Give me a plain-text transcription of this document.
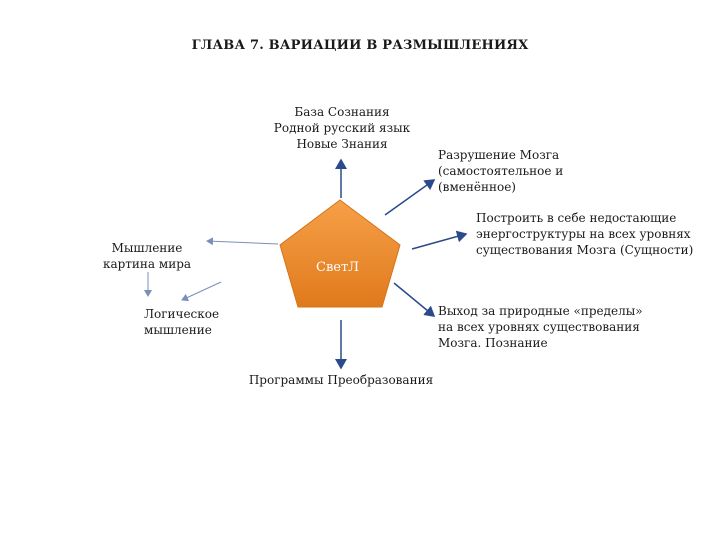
ГЛАВА 7. ВАРИАЦИИ В РАЗМЫШЛЕНИЯХ
СветЛ
База Сознания
Родной русский язык
Новые Знания
Разрушение Мозга
(самостоятельное и
(вменённое)
Построить в себе недостающие
энергоструктуры на всех уровнях
существования Мозга (Сущности)
Выход за природные «пределы»
на всех уровнях существования
Мозга. Познание
Программы Преобразования
Мышление
картина мира
Логическое
мышление
